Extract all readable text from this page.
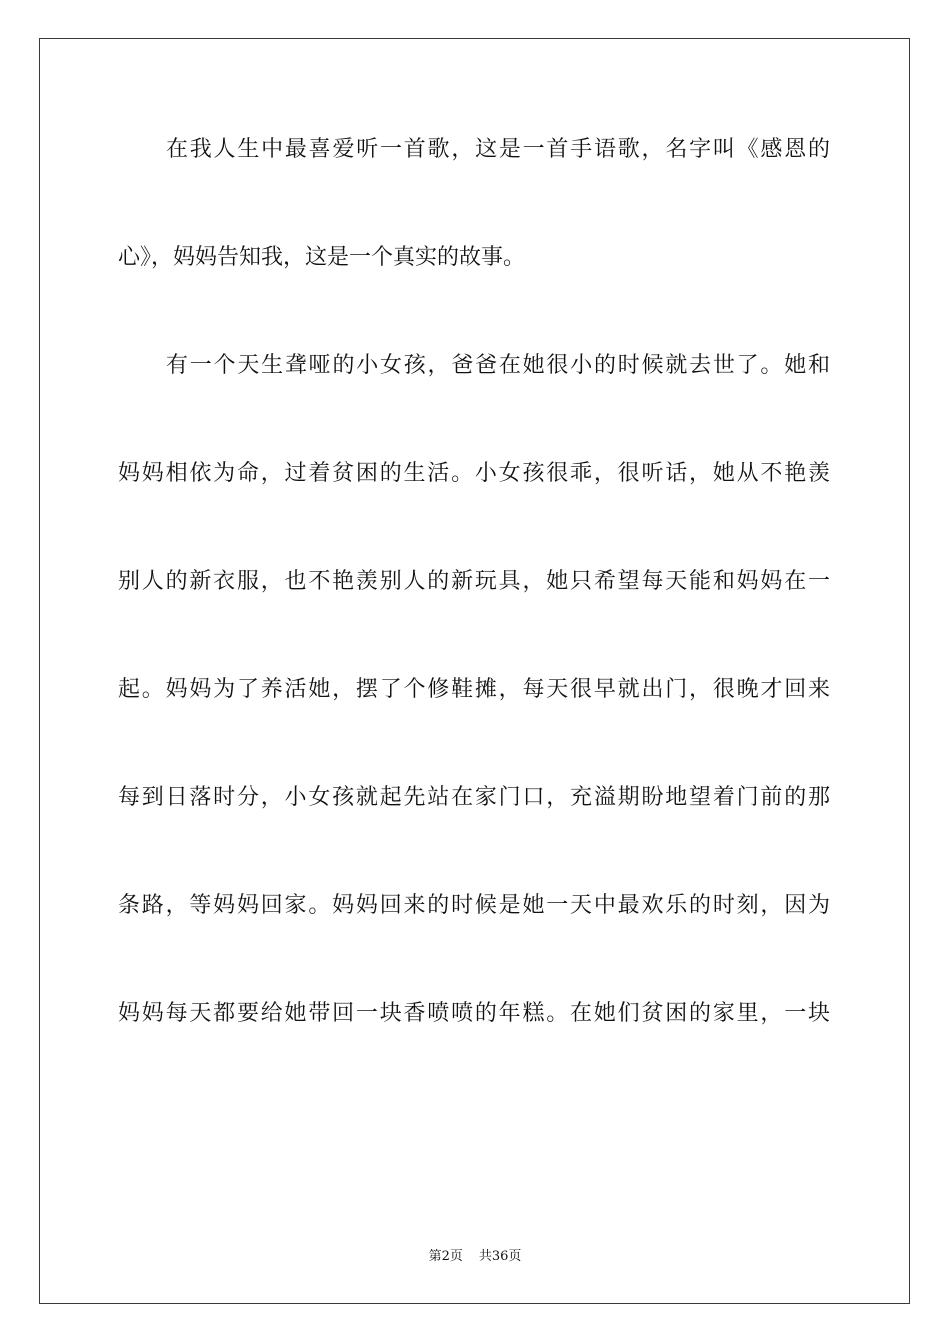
在我人生中最喜爱听一首歌，这是一首手语歌，名字叫《感恩的
心》，妈妈告知我，这是一个真实的故事。
有一个天生聋哑的小女孩，爸爸在她很小的时候就去世了。她和
妈妈相依为命，过着贫困的生活。小女孩很乖，很听话，她从不艳羡
别人的新衣服，也不艳羡别人的新玩具，她只希望每天能和妈妈在一
起。妈妈为了养活她，摆了个修鞋摊，每天很早就出门，很晚才回来
每到日落时分，小女孩就起先站在家门口，充溢期盼地望着门前的那
条路，等妈妈回家。妈妈回来的时候是她一天中最欢乐的时刻，因为
妈妈每天都要给她带回一块香喷喷的年糕。在她们贫困的家里，一块
第2页 共36页
